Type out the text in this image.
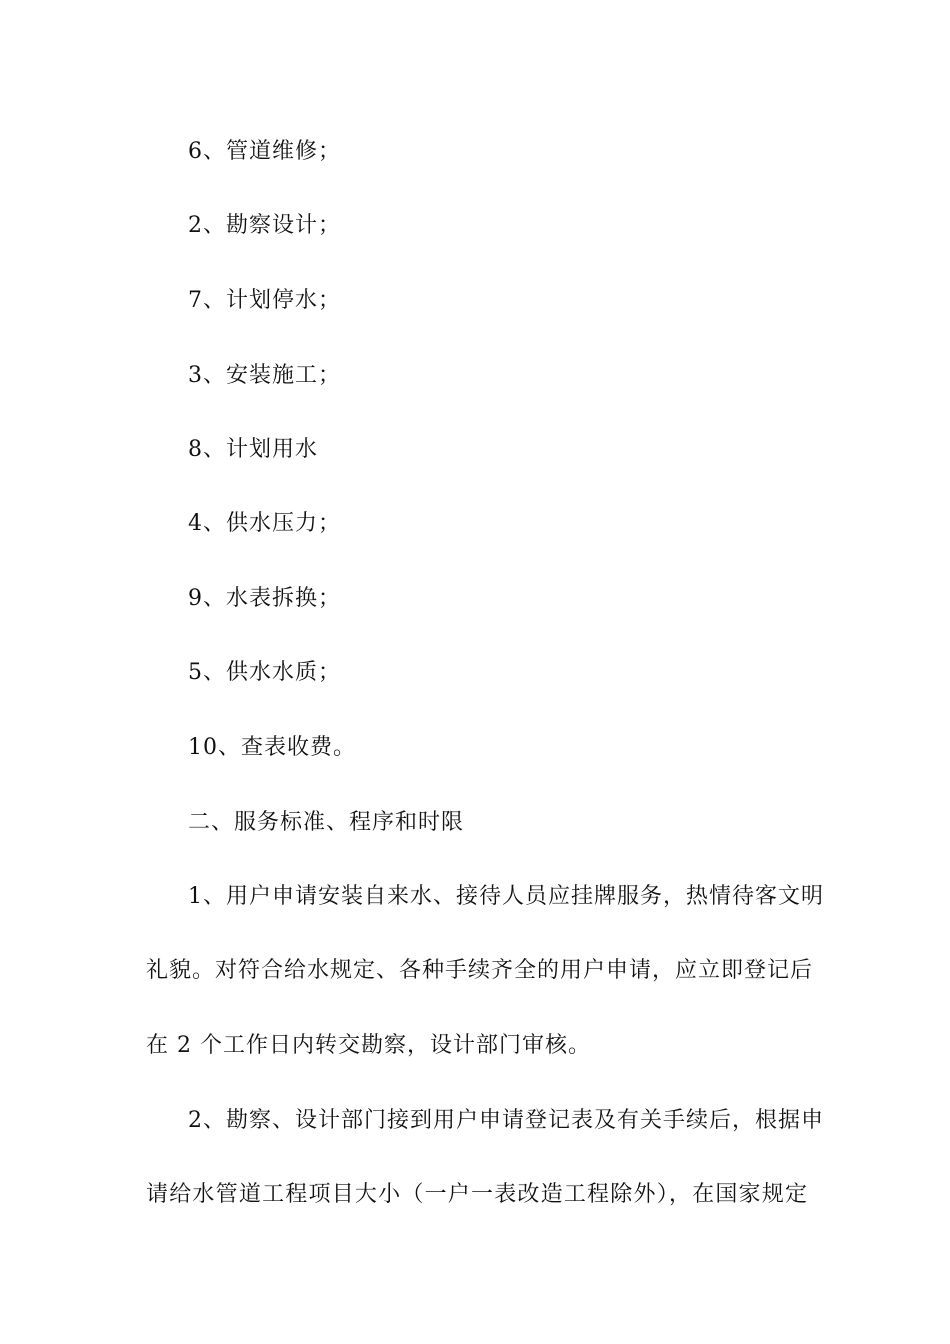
6、管道维修；
2、勘察设计；
7、计划停水；
3、安装施工；
8、计划用水
4、供水压力；
9、水表拆换；
5、供水水质；
10、查表收费。
二、服务标准、程序和时限
1、用户申请安装自来水、接待人员应挂牌服务，热情待客文明
礼貌。对符合给水规定、各种手续齐全的用户申请，应立即登记后
在 2 个工作日内转交勘察，设计部门审核。
2、勘察、设计部门接到用户申请登记表及有关手续后，根据申
请给水管道工程项目大小（一户一表改造工程除外），在国家规定
